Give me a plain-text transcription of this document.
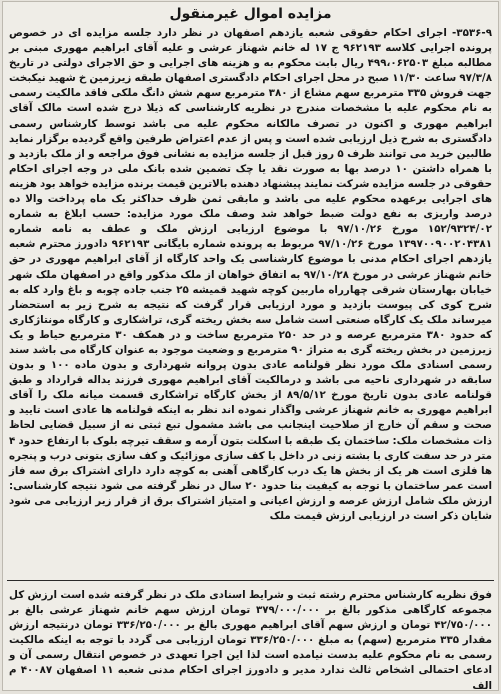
مزایده اموال غیرمنقول
۳۵۳۶-۹- اجرای احکام حقوقی شعبه یازدهم اصفهان در نظر دارد جلسه مزایده ای در خصوص پرونده اجرایی کلاسه ۹۶۲۱۹۳ ج ۱۷ له خانم شهناز عرشی و علیه آقای ابراهیم مهوری مبنی بر مطالبه مبلغ ۴۹۹،۰۶۲۵۰۳ ریال بابت محکوم به و هزینه های اجرایی و حق الاجرای دولتی در تاریخ ۹۷/۳/۸ ساعت ۱۱/۳۰ صبح در محل اجرای احکام دادگستری اصفهان طبقه زیرزمین خ شهید نیکبخت جهت فروش ۳۳۵ مترمربع سهم مشاع از ۳۸۰ مترمربع سهم شش دانگ ملکی فاقد مالکیت رسمی به نام محکوم علیه با مشخصات مندرج در نظریه کارشناسی که ذیلا درج شده است مالک آقای ابراهیم مهوری و اکنون در تصرف مالکانه محکوم علیه می باشد توسط کارشناس رسمی دادگستری به شرح ذیل ارزیابی شده است و پس از عدم اعتراض طرفین واقع گردیده برگزار نماید طالبین خرید می توانند ظرف ۵ روز قبل از جلسه مزایده به نشانی فوق مراجعه و از ملک بازدید و با همراه داشتن ۱۰ درصد بها به صورت نقد یا چک تضمین شده بانک ملی در وجه اجرای احکام حقوقی در جلسه مزایده شرکت نمایند پیشنهاد دهنده بالاترین قیمت برنده مزایده خواهد بود هزینه های اجرایی برعهده محکوم علیه می باشد و مابقی ثمن ظرف حداکثر یک ماه پرداخت والا ده درصد واریزی به نفع دولت ضبط خواهد شد وصف ملک مورد مزایده: حسب ابلاغ به شماره ۱۵۲/۹۳۲۴/۰۲ مورخ ۹۷/۱۰/۲۶ با موضوع ارزیابی ارزش ملک و عطف به نامه شماره ۱۳۹۷۰۰۹۰۰۲۰۴۳۸۱ مورخ ۹۷/۱۰/۲۶ مربوط به پرونده شماره بایگانی ۹۶۲۱۹۳ دادورز محترم شعبه یازدهم اجرای احکام مدنی با موضوع کارشناسی یک واحد کارگاه از آقای ابراهیم مهوری در حق خانم شهناز عرشی در مورخ ۹۷/۱۰/۲۸ به اتفاق خواهان از ملک مذکور واقع در اصفهان ملک شهر خیابان بهارستان شرقی چهارراه ماربین کوچه شهید قمیشه ۲۵ جنب جاده چوبه و باغ وارد کله به شرح کوی کی پیوست بازدید و مورد ارزیابی قرار گرفت که نتیجه به شرح زیر به استحضار میرساند ملک یک کارگاه صنعتی است شامل سه بخش ریخته گری، تراشکاری و کارگاه مونتاژکاری که حدود ۳۸۰ مترمربع عرصه و در حد ۲۵۰ مترمربع ساخت و در همکف ۳۰ مترمربع حیاط و یک زیرزمین در بخش ریخته گری به متراژ ۹۰ مترمربع و وضعیت موجود به عنوان کارگاه می باشد سند رسمی اسنادی ملک مورد نظر قولنامه عادی بدون پروانه شهرداری و بدون ماده ۱۰۰ و بدون سابقه در شهرداری ناحیه می باشد و درمالکیت آقای ابراهیم مهوری فرزند یداله قرارداد و طبق قولنامه عادی بدون تاریخ مورخ ۸۹/۵/۱۲ از بخش کارگاه تراشکاری قسمت میانه ملک را آقای ابراهیم مهوری به خانم شهناز عرشی واگذار نموده اند نظر به اینکه قولنامه ها عادی است تایید و صحت و سقم آن خارج از صلاحیت اینجانب می باشد مشمول تبع ثبتی نه از سبیل قضایی لحاظ ذات مشخصات ملک: ساختمان یک طبقه با اسکلت بتون آرمه و سقف تیرچه بلوک با ارتفاع حدود ۴ متر در حد سفت کاری با بشته زنی در داخل با کف سازی موزائیک و کف سازی بتونی درب و پنجره ها فلزی است هر یک از بخش ها یک درب کارگاهی آهنی به کوچه دارد دارای اشتراک برق سه فاز است عمر ساختمان با توجه به کیفیت بنا حدود ۲۰ سال در نظر گرفته می شود نتیجه کارشناسی: ارزش ملک شامل ارزش عرصه و ارزش اعیانی و امتیاز اشتراک برق از قرار زیر ارزیابی می شود شایان ذکر است در ارزیابی ارزش قیمت ملک
فوق نظریه کارشناس محترم رشته ثبت و شرایط اسنادی ملک در نظر گرفته شده است ارزش کل مجموعه کارگاهی مذکور بالغ بر ۳۷۹/۰۰۰/۰۰۰ تومان ارزش سهم خانم شهناز عرشی بالغ بر ۴۲/۷۵۰/۰۰۰ تومان و ارزش سهم آقای ابراهیم مهوری بالغ بر ۳۳۶/۲۵۰/۰۰۰ تومان درنتیجه ارزش مقدار ۳۳۵ مترمربع (سهم) به مبلغ ۳۳۶/۲۵۰/۰۰۰ تومان ارزیابی می گردد با توجه به اینکه مالکیت رسمی به نام محکوم علیه بدست نیامده است لذا این اجرا تعهدی در خصوص انتقال رسمی آن و ادعای احتمالی اشخاص ثالث ندارد مدیر و دادورز اجرای احکام مدنی شعبه ۱۱ اصفهان ۴۰۰۸۷ م الف
